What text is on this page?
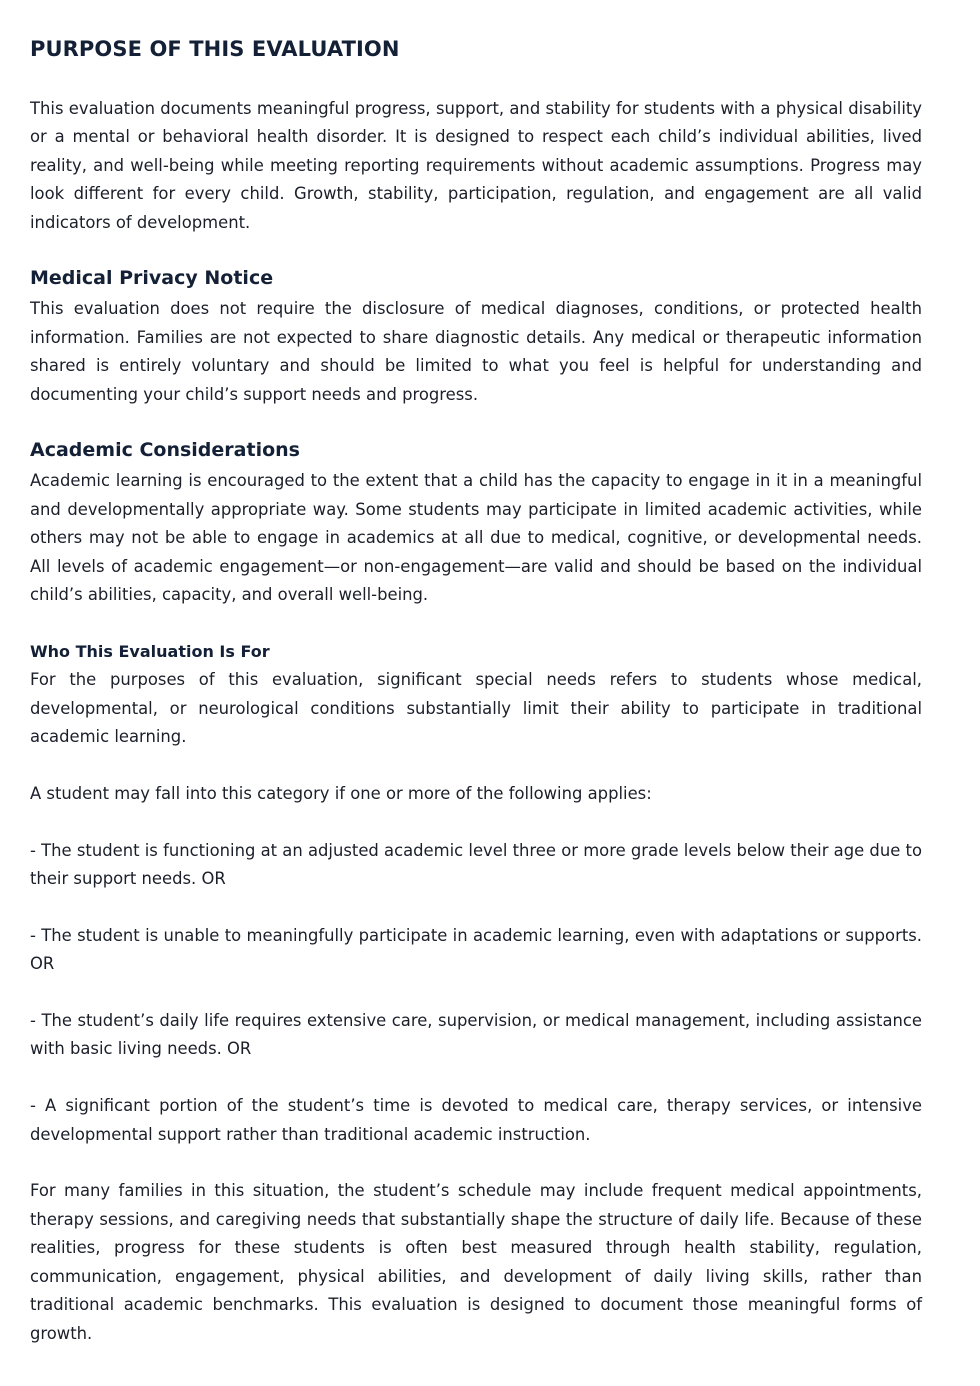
PURPOSE OF THIS EVALUATION

This evaluation documents meaningful progress, support, and stability for students with a physical disability or a mental or behavioral health disorder. It is designed to respect each child’s individual abilities, lived reality, and well-being while meeting reporting requirements without academic assumptions. Progress may look different for every child. Growth, stability, participation, regulation, and engagement are all valid indicators of development.

Medical Privacy Notice

This evaluation does not require the disclosure of medical diagnoses, conditions, or protected health information. Families are not expected to share diagnostic details. Any medical or therapeutic information shared is entirely voluntary and should be limited to what you feel is helpful for understanding and documenting your child’s support needs and progress.

Academic Considerations

Academic learning is encouraged to the extent that a child has the capacity to engage in it in a meaningful and developmentally appropriate way. Some students may participate in limited academic activities, while others may not be able to engage in academics at all due to medical, cognitive, or developmental needs. All levels of academic engagement—or non-engagement—are valid and should be based on the individual child’s abilities, capacity, and overall well-being.

Who This Evaluation Is For

For the purposes of this evaluation, significant special needs refers to students whose medical, developmental, or neurological conditions substantially limit their ability to participate in traditional academic learning.

A student may fall into this category if one or more of the following applies:

- The student is functioning at an adjusted academic level three or more grade levels below their age due to their support needs. OR

- The student is unable to meaningfully participate in academic learning, even with adaptations or supports. OR

- The student’s daily life requires extensive care, supervision, or medical management, including assistance with basic living needs. OR

- A significant portion of the student’s time is devoted to medical care, therapy services, or intensive developmental support rather than traditional academic instruction.

For many families in this situation, the student’s schedule may include frequent medical appointments, therapy sessions, and caregiving needs that substantially shape the structure of daily life. Because of these realities, progress for these students is often best measured through health stability, regulation, communication, engagement, physical abilities, and development of daily living skills, rather than traditional academic benchmarks. This evaluation is designed to document those meaningful forms of growth.
